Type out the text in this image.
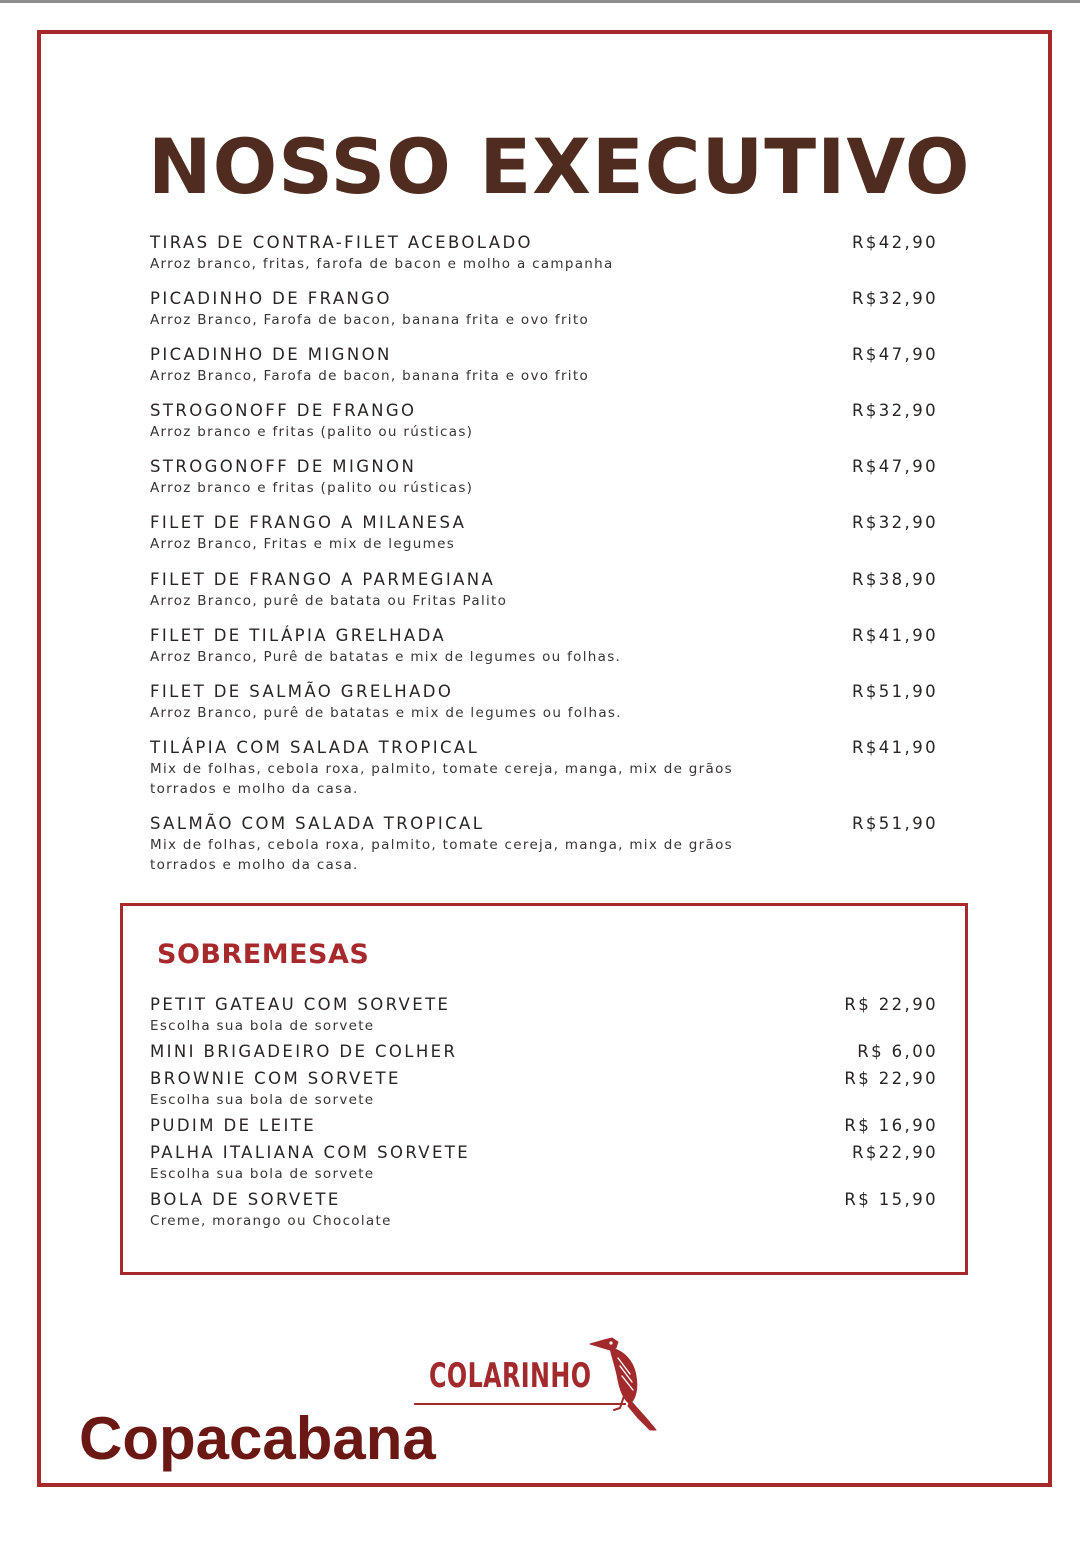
NOSSO EXECUTIVO
TIRAS DE CONTRA-FILET ACEBOLADO	R$42,90
Arroz branco, fritas, farofa de bacon e molho a campanha
PICADINHO DE FRANGO	R$32,90
Arroz Branco, Farofa de bacon, banana frita e ovo frito
PICADINHO DE MIGNON	R$47,90
Arroz Branco, Farofa de bacon, banana frita e ovo frito
STROGONOFF DE FRANGO	R$32,90
Arroz branco e fritas (palito ou rústicas)
STROGONOFF DE MIGNON	R$47,90
Arroz branco e fritas (palito ou rústicas)
FILET DE FRANGO A MILANESA	R$32,90
Arroz Branco, Fritas e mix de legumes
FILET DE FRANGO A PARMEGIANA	R$38,90
Arroz Branco, purê de batata ou Fritas Palito
FILET DE TILÁPIA GRELHADA	R$41,90
Arroz Branco, Purê de batatas e mix de legumes ou folhas.
FILET DE SALMÃO GRELHADO	R$51,90
Arroz Branco, purê de batatas e mix de legumes ou folhas.
TILÁPIA COM SALADA TROPICAL	R$41,90
Mix de folhas, cebola roxa, palmito, tomate cereja, manga, mix de grãos
torrados e molho da casa.
SALMÃO COM SALADA TROPICAL	R$51,90
Mix de folhas, cebola roxa, palmito, tomate cereja, manga, mix de grãos
torrados e molho da casa.
SOBREMESAS
PETIT GATEAU COM SORVETE	R$ 22,90
Escolha sua bola de sorvete
MINI BRIGADEIRO DE COLHER	R$ 6,00
BROWNIE COM SORVETE	R$ 22,90
Escolha sua bola de sorvete
PUDIM DE LEITE	R$ 16,90
PALHA ITALIANA COM SORVETE	R$22,90
Escolha sua bola de sorvete
BOLA DE SORVETE	R$ 15,90
Creme, morango ou Chocolate
COLARINHO
Copacabana
